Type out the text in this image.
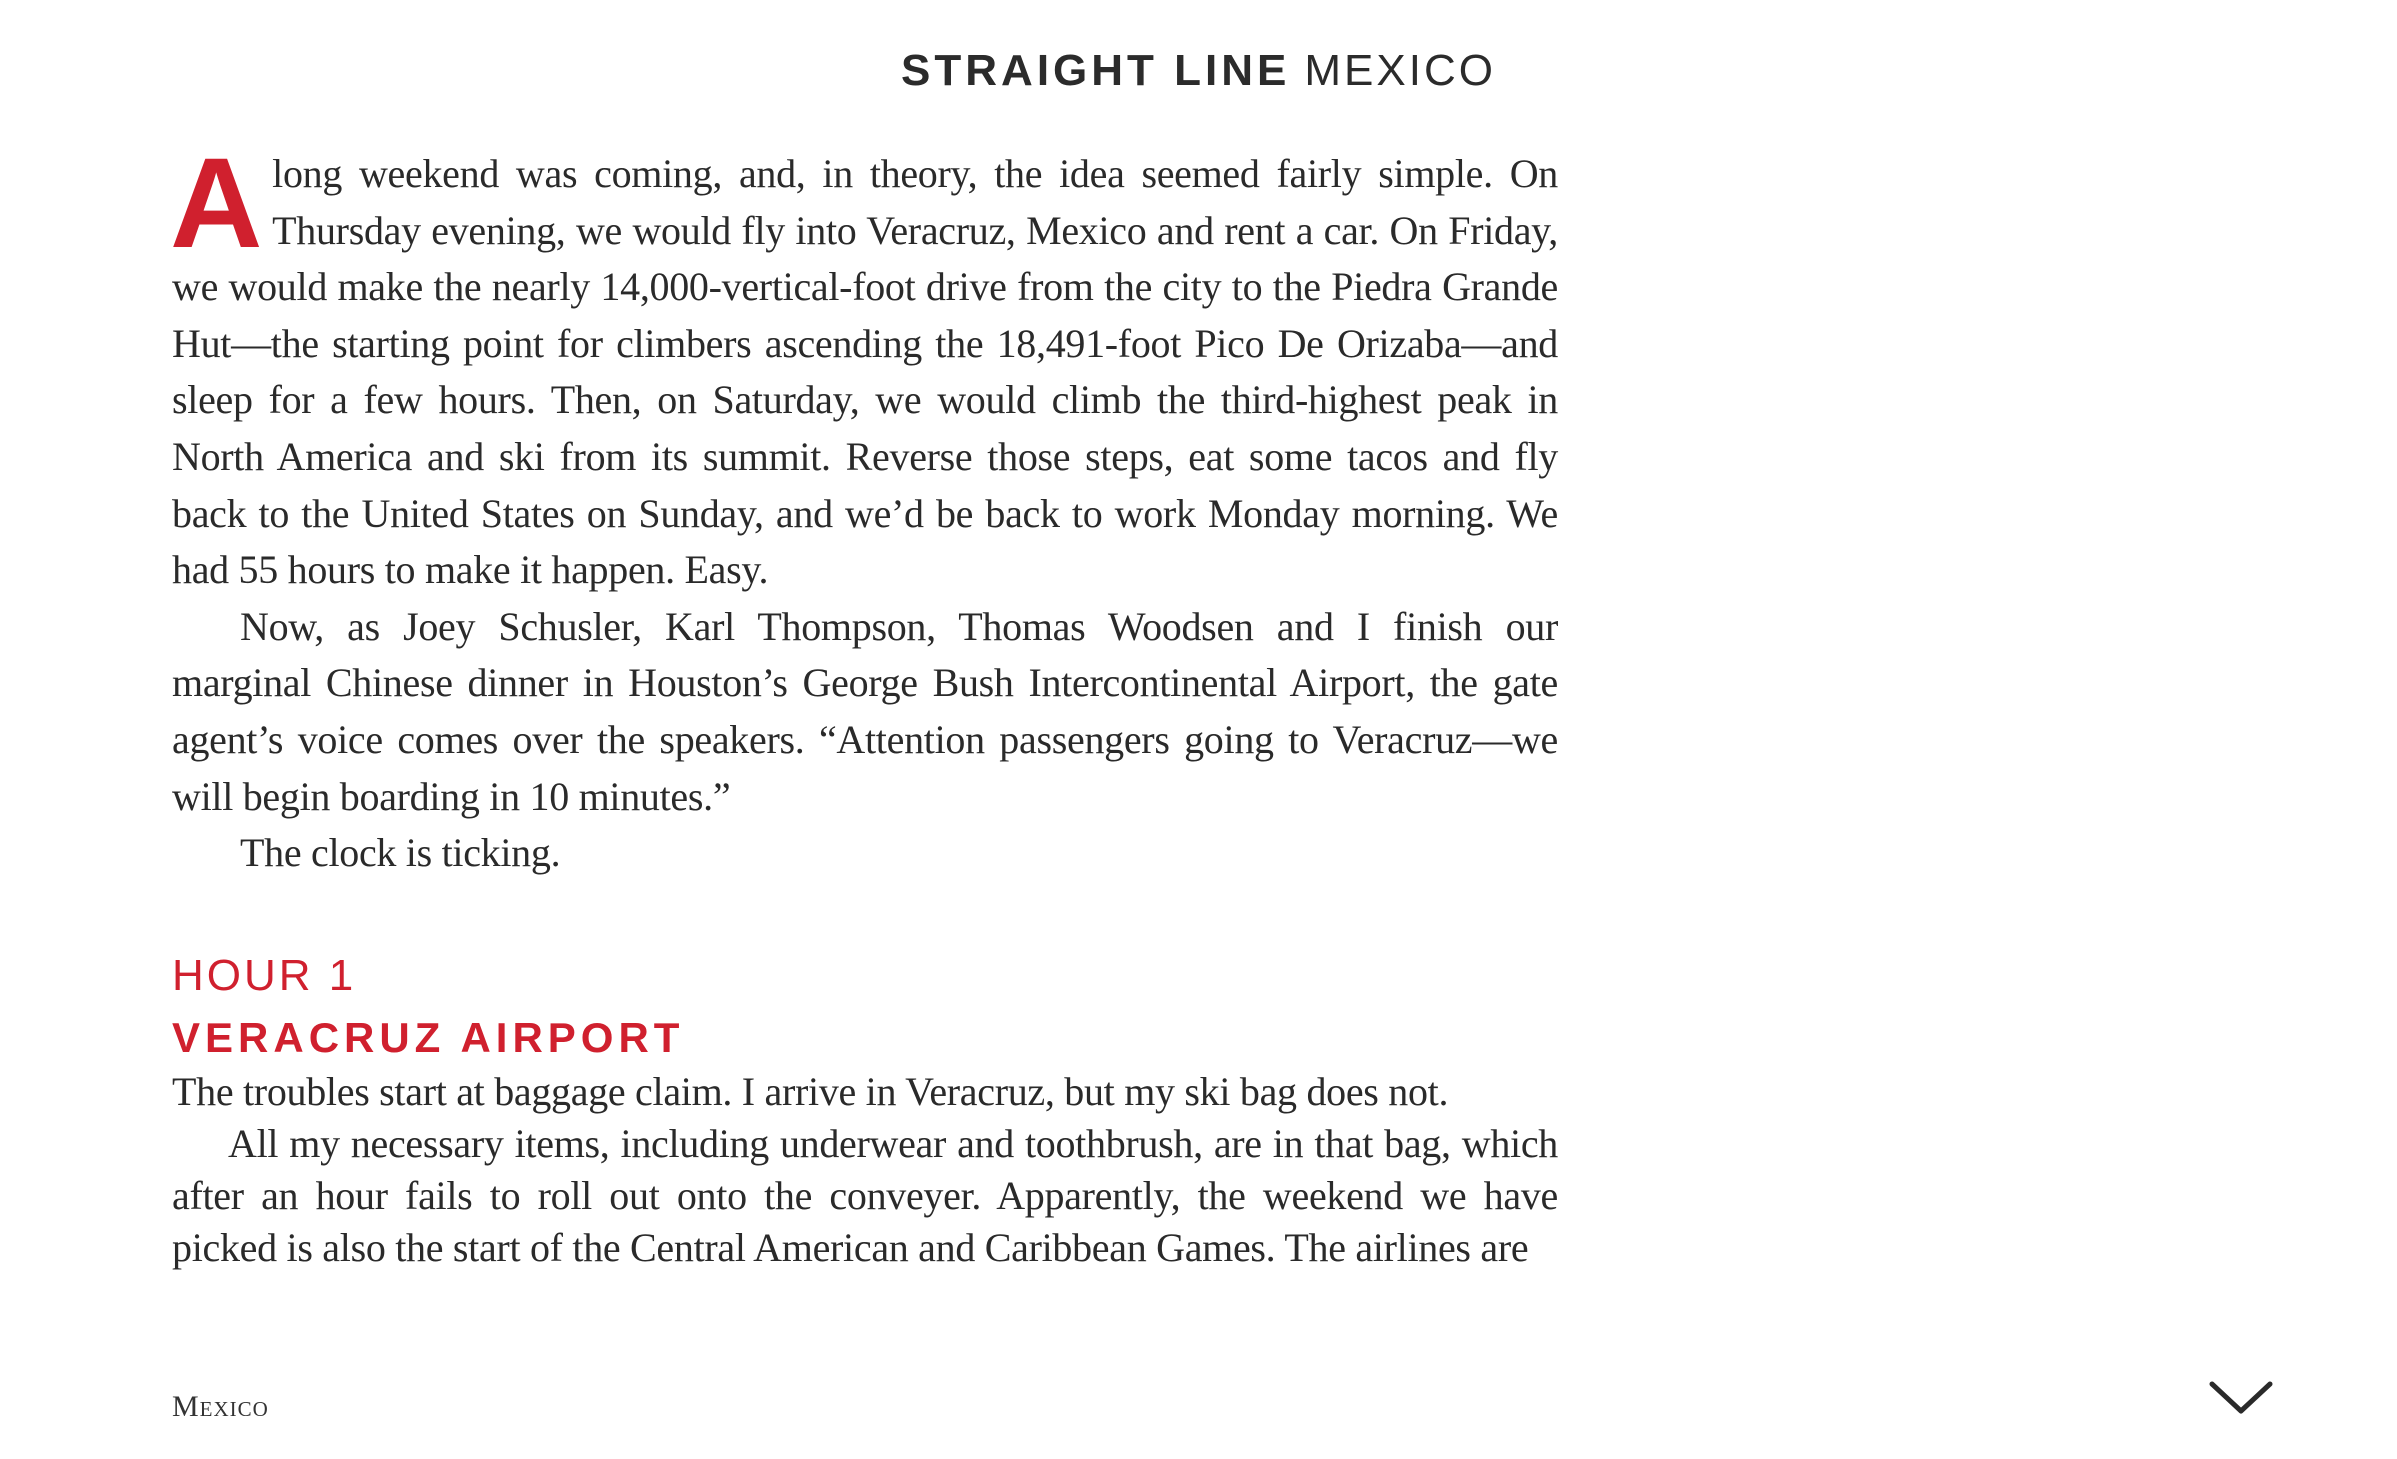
STRAIGHT LINE MEXICO

A long weekend was coming, and, in theory, the idea seemed fairly simple. On Thursday evening, we would fly into Veracruz, Mexico and rent a car. On Friday, we would make the nearly 14,000-vertical-foot drive from the city to the Piedra Grande Hut—the starting point for climbers ascending the 18,491-foot Pico De Orizaba—and sleep for a few hours. Then, on Saturday, we would climb the third-highest peak in North America and ski from its summit. Reverse those steps, eat some tacos and fly back to the United States on Sunday, and we’d be back to work Monday morning. We had 55 hours to make it happen. Easy.

Now, as Joey Schusler, Karl Thompson, Thomas Woodsen and I finish our marginal Chinese dinner in Houston’s George Bush Intercontinental Airport, the gate agent’s voice comes over the speakers. “Attention passengers going to Veracruz—we will begin boarding in 10 minutes.”

The clock is ticking.

HOUR 1

VERACRUZ AIRPORT

The troubles start at baggage claim. I arrive in Veracruz, but my ski bag does not.

All my necessary items, including underwear and toothbrush, are in that bag, which after an hour fails to roll out onto the conveyer. Apparently, the weekend we have picked is also the start of the Central American and Caribbean Games. The airlines are

Mexico
